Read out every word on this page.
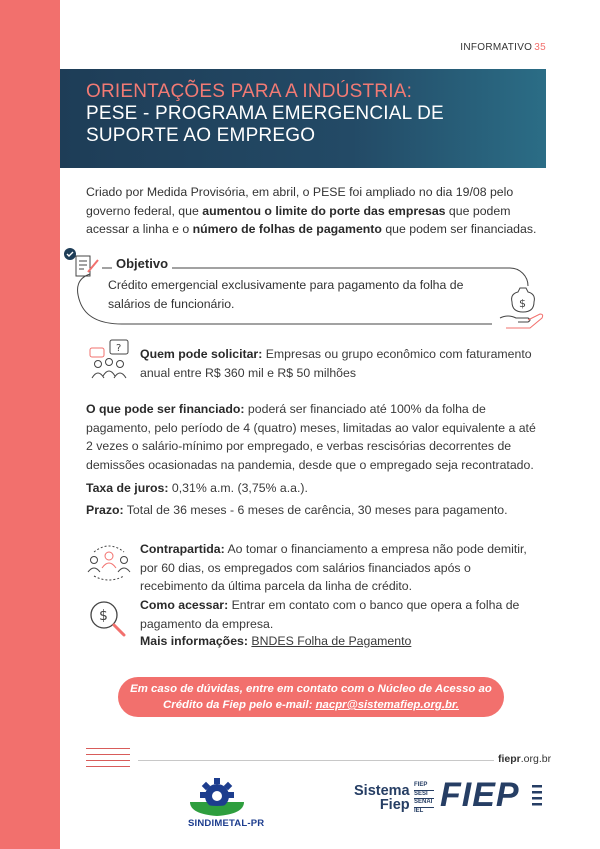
INFORMATIVO 35
ORIENTAÇÕES PARA A INDÚSTRIA:
PESE - PROGRAMA EMERGENCIAL DE
SUPORTE AO EMPREGO
Criado por Medida Provisória, em abril, o PESE foi ampliado no dia 19/08 pelo governo federal, que aumentou o limite do porte das empresas que podem acessar a linha e o número de folhas de pagamento que podem ser financiadas.
Objetivo
Crédito emergencial exclusivamente para pagamento da folha de salários de funcionário.	$
? Quem pode solicitar: Empresas ou grupo econômico com faturamento anual entre R$ 360 mil e R$ 50 milhões
O que pode ser financiado: poderá ser financiado até 100% da folha de pagamento, pelo período de 4 (quatro) meses, limitadas ao valor equivalente a até 2 vezes o salário-mínimo por empregado, e verbas rescisórias decorrentes de demissões ocasionadas na pandemia, desde que o empregado seja recontratado.
Taxa de juros: 0,31% a.m. (3,75% a.a.).
Prazo: Total de 36 meses - 6 meses de carência, 30 meses para pagamento.
Contrapartida: Ao tomar o financiamento a empresa não pode demitir, por 60 dias, os empregados com salários financiados após o recebimento da última parcela da linha de crédito.
$
Como acessar: Entrar em contato com o banco que opera a folha de pagamento da empresa.
Mais informações: BNDES Folha de Pagamento
Em caso de dúvidas, entre em contato com o Núcleo de Acesso ao
Crédito da Fiep pelo e-mail: nacpr@sistemafiep.org.br.
fiepr.org.br
SINDIMETAL-PR
Sistema
Fiep
FIEP
SESI
SENAI
IEL FIEP
